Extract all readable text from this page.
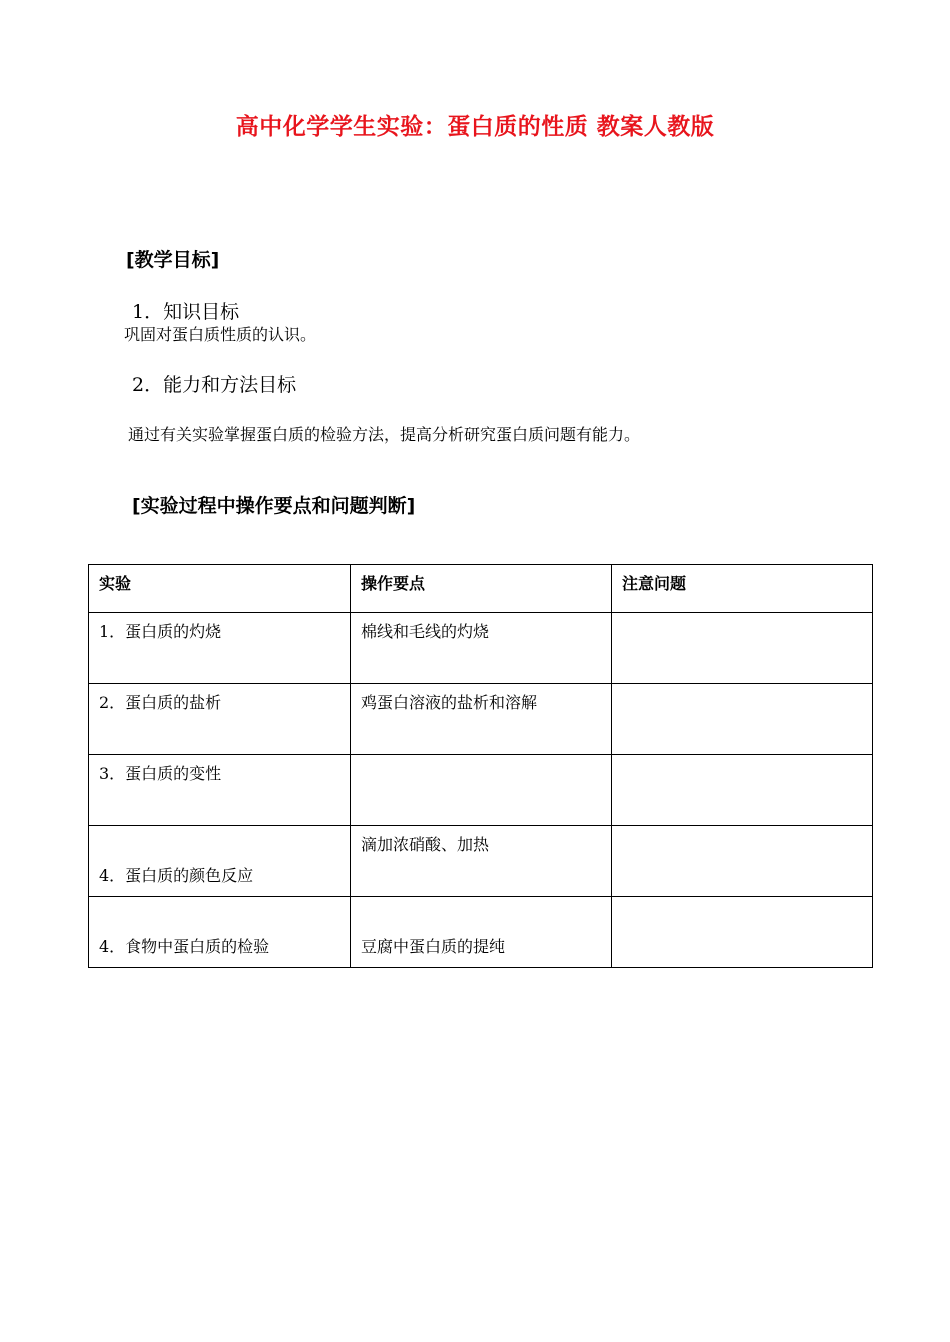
高中化学学生实验：蛋白质的性质 教案人教版
[教学目标]
1．知识目标
巩固对蛋白质性质的认识。
2．能力和方法目标
通过有关实验掌握蛋白质的检验方法，提高分析研究蛋白质问题有能力。
[实验过程中操作要点和问题判断]
实验	操作要点	注意问题
1．蛋白质的灼烧	棉线和毛线的灼烧	
2．蛋白质的盐析	鸡蛋白溶液的盐析和溶解	
3．蛋白质的变性		
4．蛋白质的颜色反应	滴加浓硝酸、加热	
4．食物中蛋白质的检验	豆腐中蛋白质的提纯	
